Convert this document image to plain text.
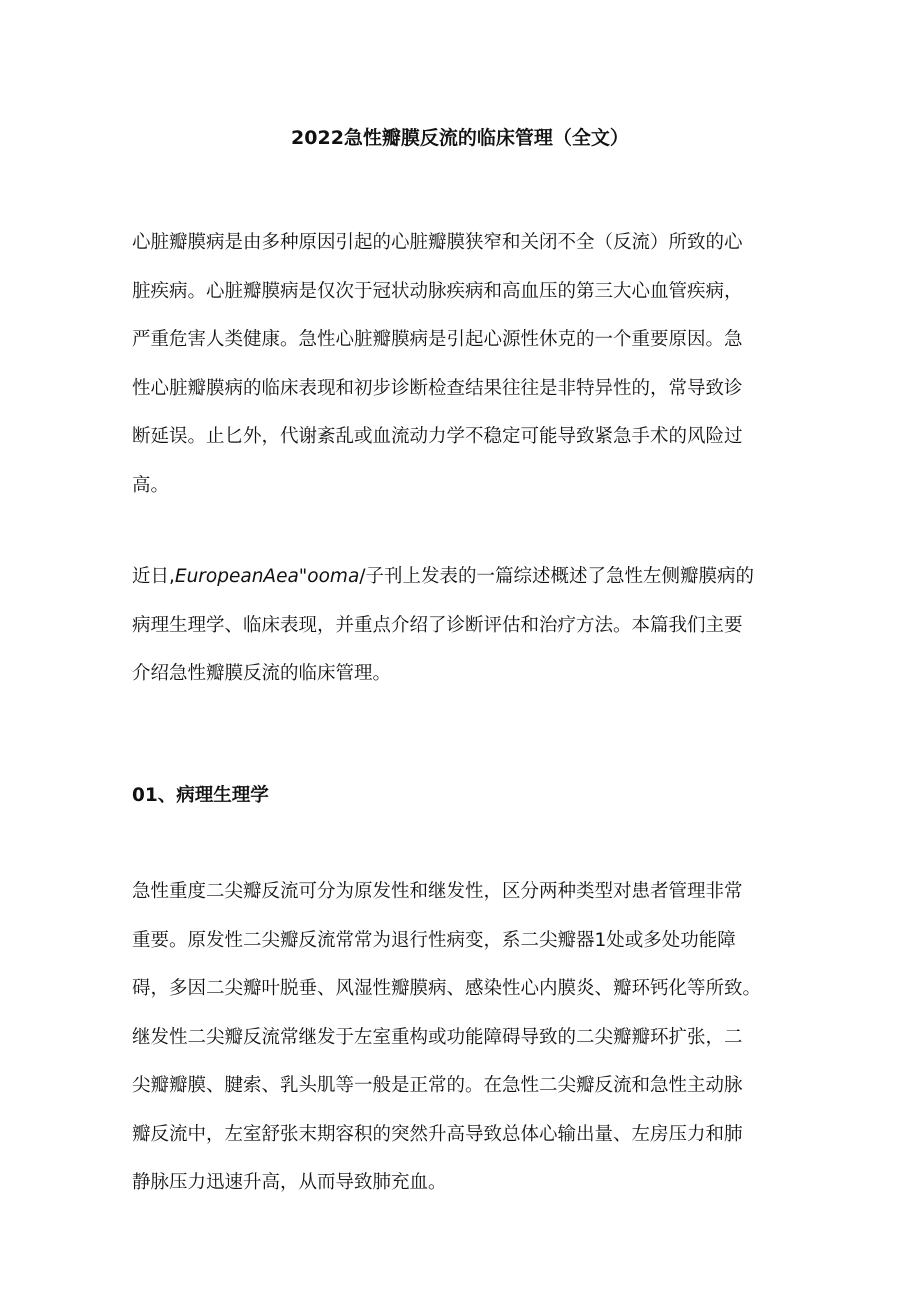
2022急性瓣膜反流的临床管理（全文）

心脏瓣膜病是由多种原因引起的心脏瓣膜狭窄和关闭不全（反流）所致的心
脏疾病。心脏瓣膜病是仅次于冠状动脉疾病和高血压的第三大心血管疾病，
严重危害人类健康。急性心脏瓣膜病是引起心源性休克的一个重要原因。急
性心脏瓣膜病的临床表现和初步诊断检查结果往往是非特异性的，常导致诊
断延误。止匕外，代谢紊乱或血流动力学不稳定可能导致紧急手术的风险过
高。

近日,EuropeanAea"ooma/子刊上发表的一篇综述概述了急性左侧瓣膜病的
病理生理学、临床表现，并重点介绍了诊断评估和治疗方法。本篇我们主要
介绍急性瓣膜反流的临床管理。

01、病理生理学

急性重度二尖瓣反流可分为原发性和继发性，区分两种类型对患者管理非常
重要。原发性二尖瓣反流常常为退行性病变，系二尖瓣器1处或多处功能障
碍，多因二尖瓣叶脱垂、风湿性瓣膜病、感染性心内膜炎、瓣环钙化等所致。
继发性二尖瓣反流常继发于左室重构或功能障碍导致的二尖瓣瓣环扩张，二
尖瓣瓣膜、腱索、乳头肌等一般是正常的。在急性二尖瓣反流和急性主动脉
瓣反流中，左室舒张末期容积的突然升高导致总体心输出量、左房压力和肺
静脉压力迅速升高，从而导致肺充血。
